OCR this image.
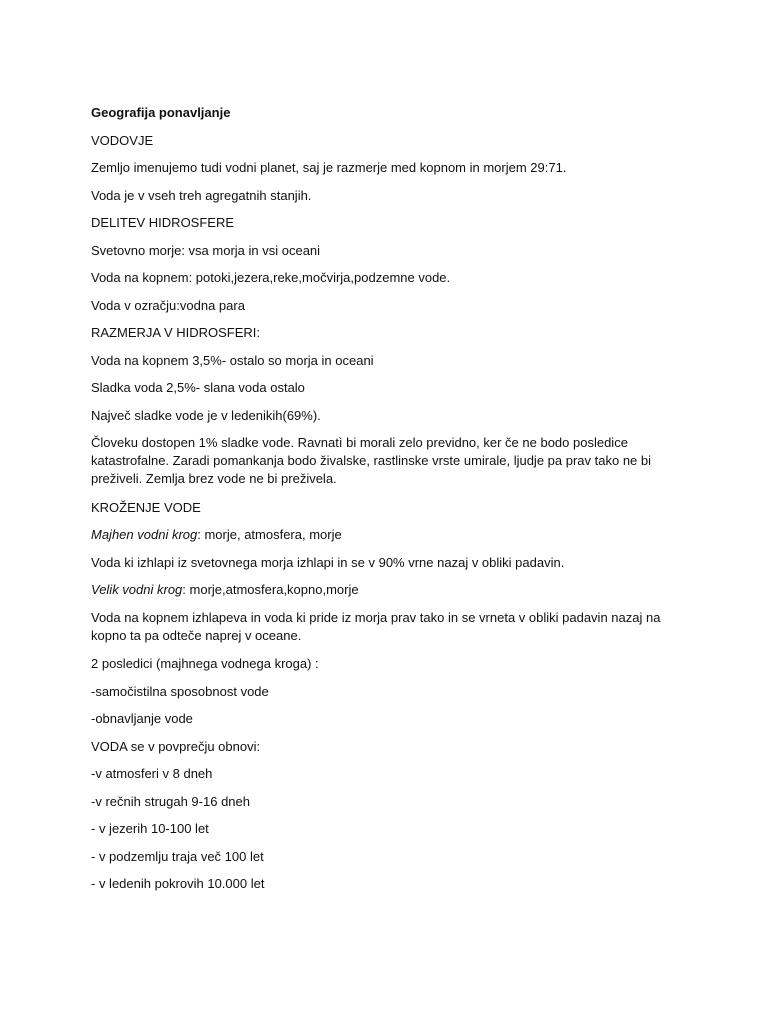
Geografija ponavljanje

VODOVJE

Zemljo imenujemo tudi vodni planet, saj je razmerje med kopnom in morjem 29:71.

Voda je v vseh treh agregatnih stanjih.

DELITEV HIDROSFERE

Svetovno morje: vsa morja in vsi oceani

Voda na kopnem: potoki,jezera,reke,močvirja,podzemne vode.

Voda v ozračju:vodna para

RAZMERJA V HIDROSFERI:

Voda na kopnem 3,5%- ostalo so morja in oceani

Sladka voda 2,5%- slana voda ostalo

Največ sladke vode je v ledenikih(69%).

Človeku dostopen 1% sladke vode. Ravnatì bi morali zelo previdno, ker če ne bodo posledice katastrofalne. Zaradi pomankanja bodo živalske, rastlinske vrste umirale, ljudje pa prav tako ne bi preživeli. Zemlja brez vode ne bi preživela.

KROŽENJE VODE

Majhen vodni krog: morje, atmosfera, morje

Voda ki izhlapi iz svetovnega morja izhlapi in se v 90% vrne nazaj v obliki padavin.

Velik vodni krog: morje,atmosfera,kopno,morje

Voda na kopnem izhlapeva in voda ki pride iz morja prav tako in se vrneta v obliki padavin nazaj na kopno ta pa odteče naprej v oceane.

2 posledici (majhnega vodnega kroga) :

-samočistilna sposobnost vode

-obnavljanje vode

VODA se v povprečju obnovi:

-v atmosferi v 8 dneh

-v rečnih strugah 9-16 dneh

- v jezerih 10-100 let

- v podzemlju traja več 100 let

- v ledenih pokrovih 10.000 let
